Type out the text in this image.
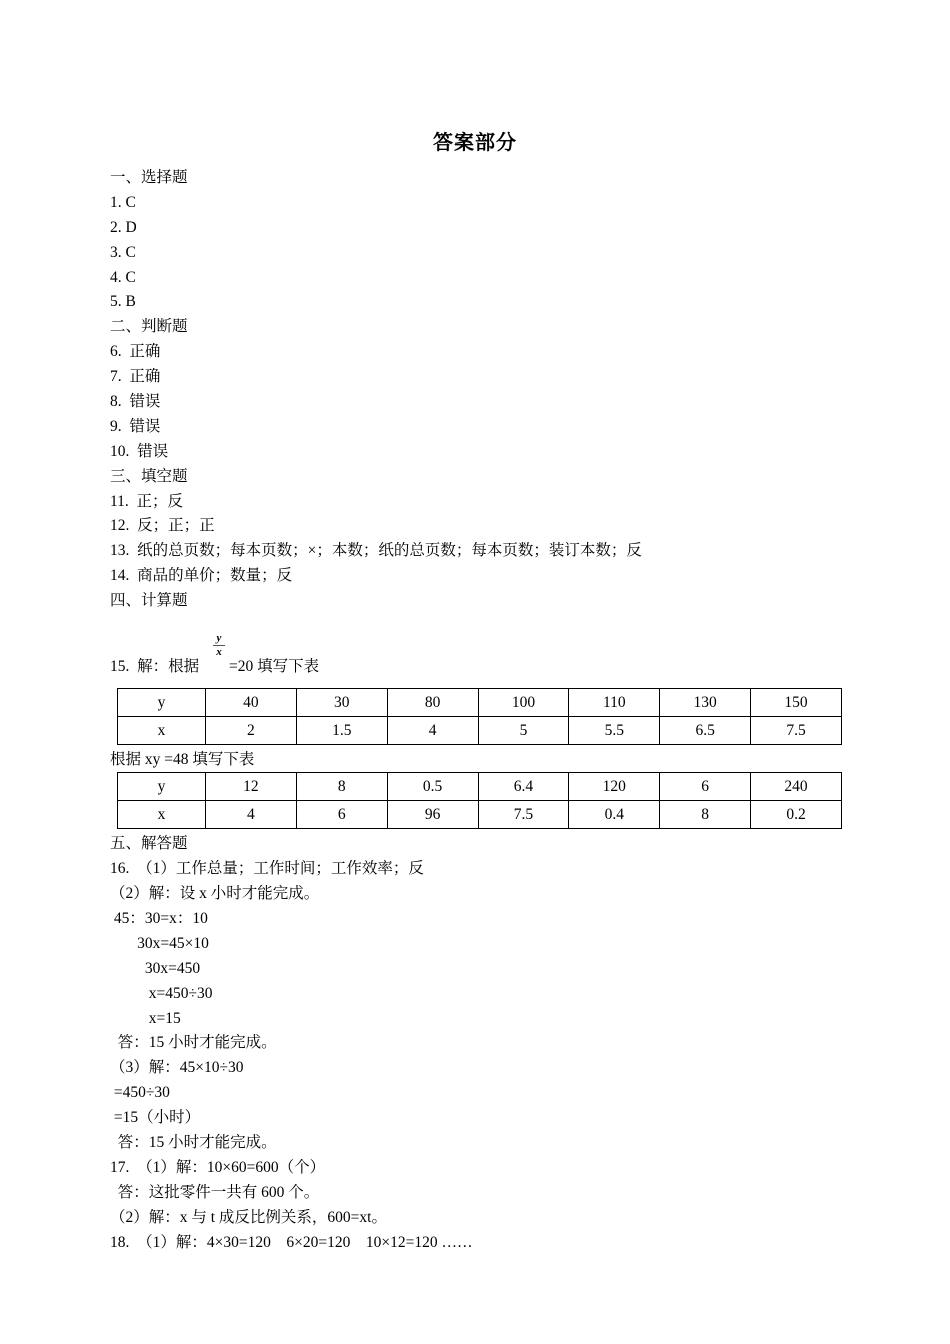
答案部分
一、选择题
1. C
2. D
3. C
4. C
5. B
二、判断题
6.  正确
7.  正确
8.  错误
9.  错误
10.  错误
三、填空题
11.  正；反
12.  反；正；正
13.  纸的总页数；每本页数；×；本数；纸的总页数；每本页数；装订本数；反
14.  商品的单价；数量；反
四、计算题
15.  解：根据
y
x
=20 填写下表
y	40	30	80	100	110	130	150
x	2	1.5	4	5	5.5	6.5	7.5
根据 xy =48 填写下表
y	12	8	0.5	6.4	120	6	240
x	4	6	96	7.5	0.4	8	0.2
五、解答题
16.  （1）工作总量；工作时间；工作效率；反
（2）解：设 x 小时才能完成。
45：30=x：10
30x=45×10
30x=450
x=450÷30
x=15
答：15 小时才能完成。
（3）解：45×10÷30
=450÷30
=15（小时）
答：15 小时才能完成。
17.  （1）解：10×60=600（个）
答：这批零件一共有 600 个。
（2）解：x 与 t 成反比例关系，600=xt。
18.  （1）解：4×30=120    6×20=120    10×12=120 ……
